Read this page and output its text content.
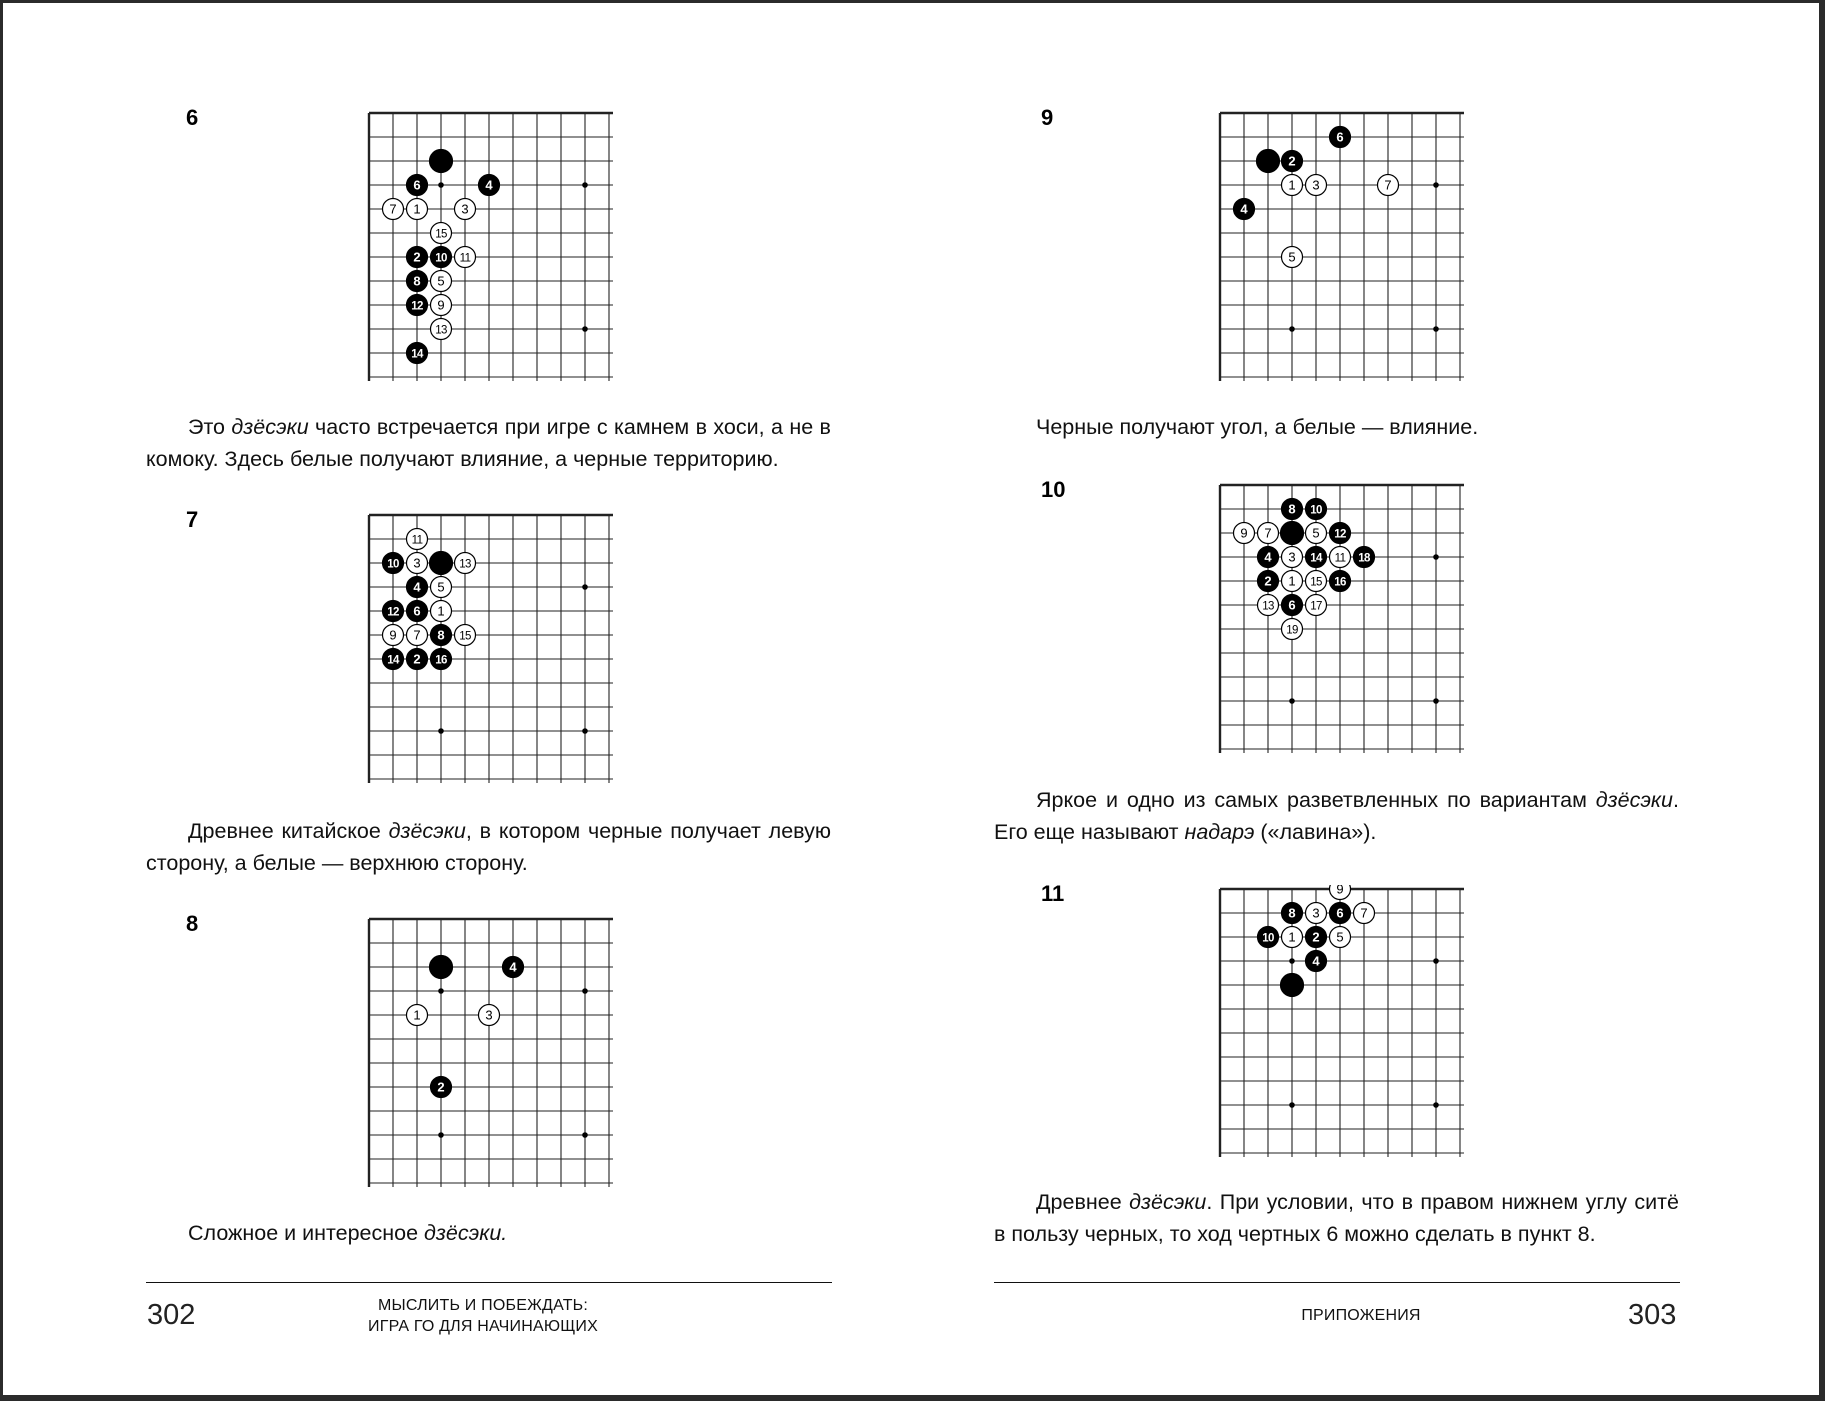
6
6	4
7 1	3
15
2 10 11
8 5
12 9
13
14

Это дзёсэки часто встречается при игре с камнем в хоси, а не в комоку. Здесь белые получают влияние, а черные территорию.

7
11
10 3	13
4 5
12 6 1
9 7 8 15
14 2 16

Древнее китайское дзёсэки, в котором черные получает левую сторону, а белые — верхнюю сторону.

8
4
1	3
2

Сложное и интересное дзёсэки.

302	МЫСЛИТЬ И ПОБЕЖДАТЬ:
ИГРА ГО ДЛЯ НАЧИНАЮЩИХ
9
6
2
1 3	7
4
5

Черные получают угол, а белые — влияние.

10
8 10
9 7	5 12
4 3 14 11 18
2 1 15 16
13 6 17
19

Яркое и одно из самых разветвленных по вариантам дзёсэки. Его еще называют надарэ («лавина»).

11	9
8 3 6 7
10 1 2 5
4

Древнее дзёсэки. При условии, что в правом нижнем углу ситё в пользу черных, то ход чертных 6 можно сделать в пункт 8.

ПРИПОЖЕНИЯ	303
